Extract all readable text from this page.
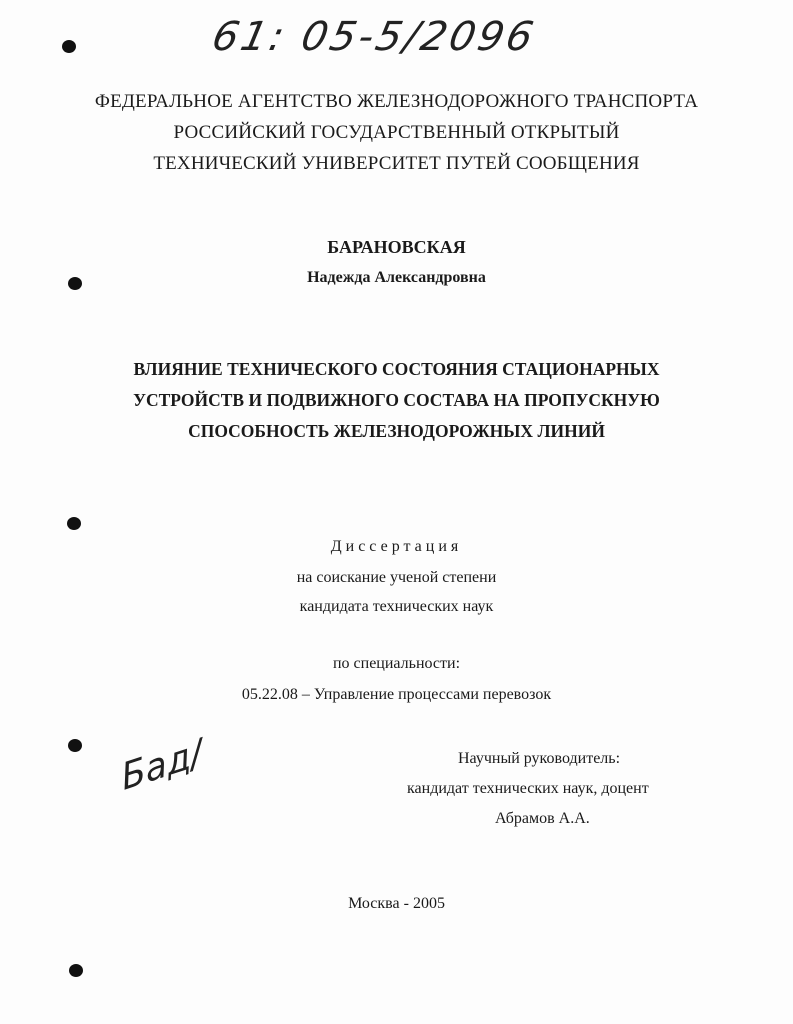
61: 05-5/2096
Бад/
ФЕДЕРАЛЬНОЕ АГЕНТСТВО ЖЕЛЕЗНОДОРОЖНОГО ТРАНСПОРТА
РОССИЙСКИЙ ГОСУДАРСТВЕННЫЙ ОТКРЫТЫЙ
ТЕХНИЧЕСКИЙ УНИВЕРСИТЕТ ПУТЕЙ СООБЩЕНИЯ
БАРАНОВСКАЯ
Надежда Александровна
ВЛИЯНИЕ ТЕХНИЧЕСКОГО СОСТОЯНИЯ СТАЦИОНАРНЫХ
УСТРОЙСТВ И ПОДВИЖНОГО СОСТАВА НА ПРОПУСКНУЮ
СПОСОБНОСТЬ ЖЕЛЕЗНОДОРОЖНЫХ ЛИНИЙ
Диссертация
на соискание ученой степени
кандидата технических наук
по специальности:
05.22.08 – Управление процессами перевозок
Научный руководитель:
кандидат технических наук, доцент
Абрамов А.А.
Москва - 2005
